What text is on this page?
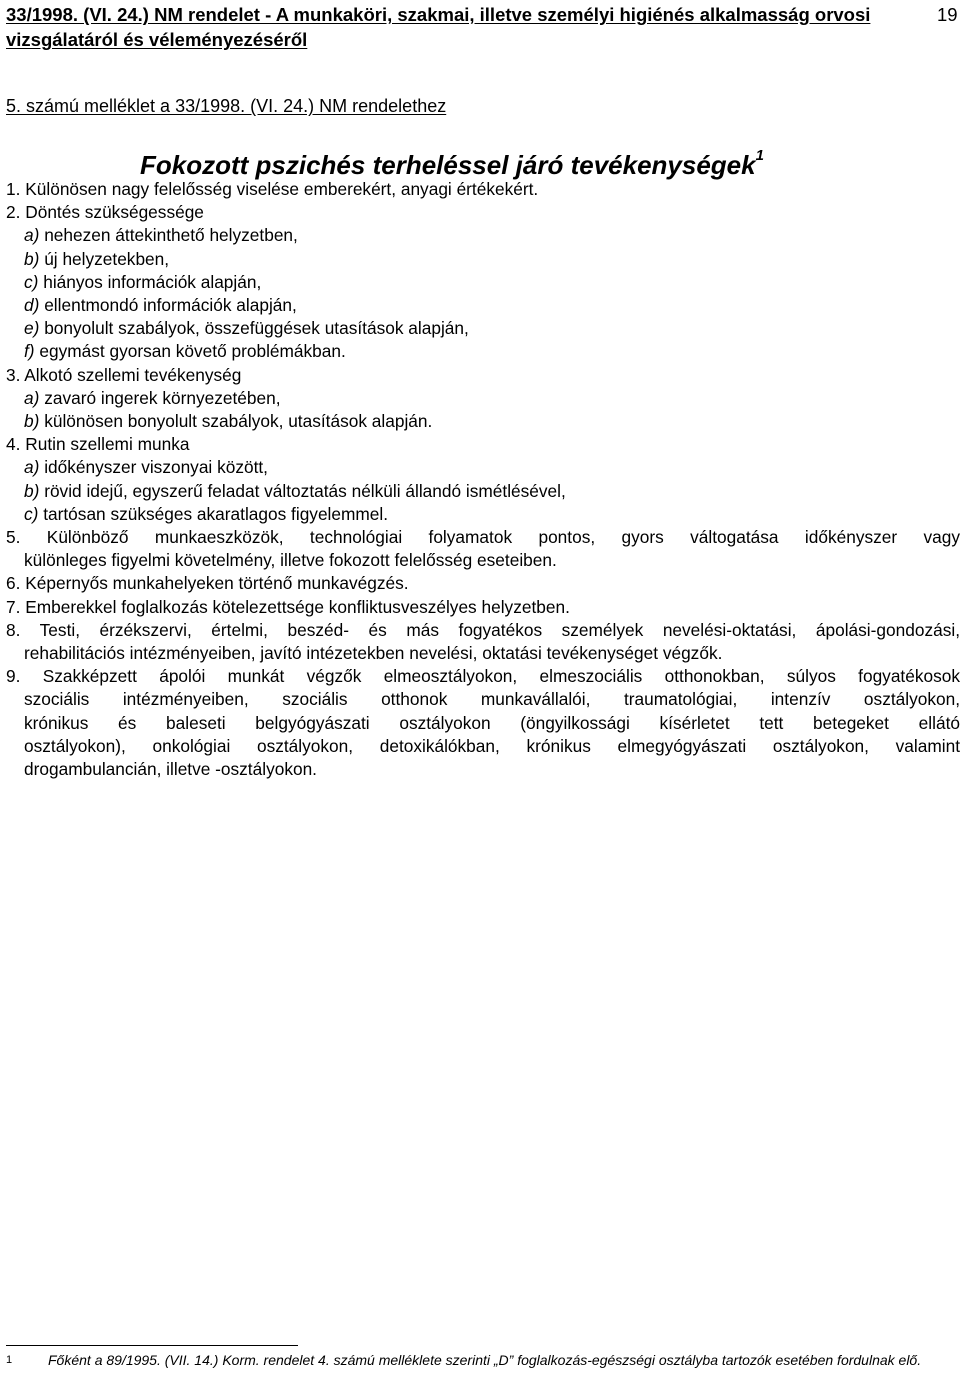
33/1998. (VI. 24.) NM rendelet - A munkaköri, szakmai, illetve személyi higiénés alkalmasság orvosi vizsgálatáról és véleményezéséről
19
5. számú melléklet a 33/1998. (VI. 24.) NM rendelethez
Fokozott pszichés terheléssel járó tevékenységek$^1$

1. Különösen nagy felelősség viselése emberekért, anyagi értékekért.

2. Döntés szükségessége

a) nehezen áttekinthető helyzetben,

b) új helyzetekben,

c) hiányos információk alapján,

d) ellentmondó információk alapján,

e) bonyolult szabályok, összefüggések utasítások alapján,

f) egymást gyorsan követő problémákban.

3. Alkotó szellemi tevékenység

a) zavaró ingerek környezetében,

b) különösen bonyolult szabályok, utasítások alapján.

4. Rutin szellemi munka

a) időkényszer viszonyai között,

b) rövid idejű, egyszerű feladat változtatás nélküli állandó ismétlésével,

c) tartósan szükséges akaratlagos figyelemmel.

5. Különböző munkaeszközök, technológiai folyamatok pontos, gyors váltogatása időkényszer vagy
különleges figyelmi követelmény, illetve fokozott felelősség eseteiben.

6. Képernyős munkahelyeken történő munkavégzés.

7. Emberekkel foglalkozás kötelezettsége konfliktusveszélyes helyzetben.

8. Testi, érzékszervi, értelmi, beszéd- és más fogyatékos személyek nevelési-oktatási, ápolási-gondozási,
rehabilitációs intézményeiben, javító intézetekben nevelési, oktatási tevékenységet végzők.
9. Szakképzett ápolói munkát végzők elmeosztályokon, elmeszociális otthonokban, súlyos fogyatékosok
szociális intézményeiben, szociális otthonok munkavállalói, traumatológiai, intenzív osztályokon,
krónikus és baleseti belgyógyászati osztályokon (öngyilkossági kísérletet tett betegeket ellátó
osztályokon), onkológiai osztályokon, detoxikálókban, krónikus elmegyógyászati osztályokon, valamint
drogambulancián, illetve -osztályokon.
1	Főként a 89/1995. (VII. 14.) Korm. rendelet 4. számú melléklete szerinti „D” foglalkozás-egészségi osztályba tartozók esetében fordulnak elő.
